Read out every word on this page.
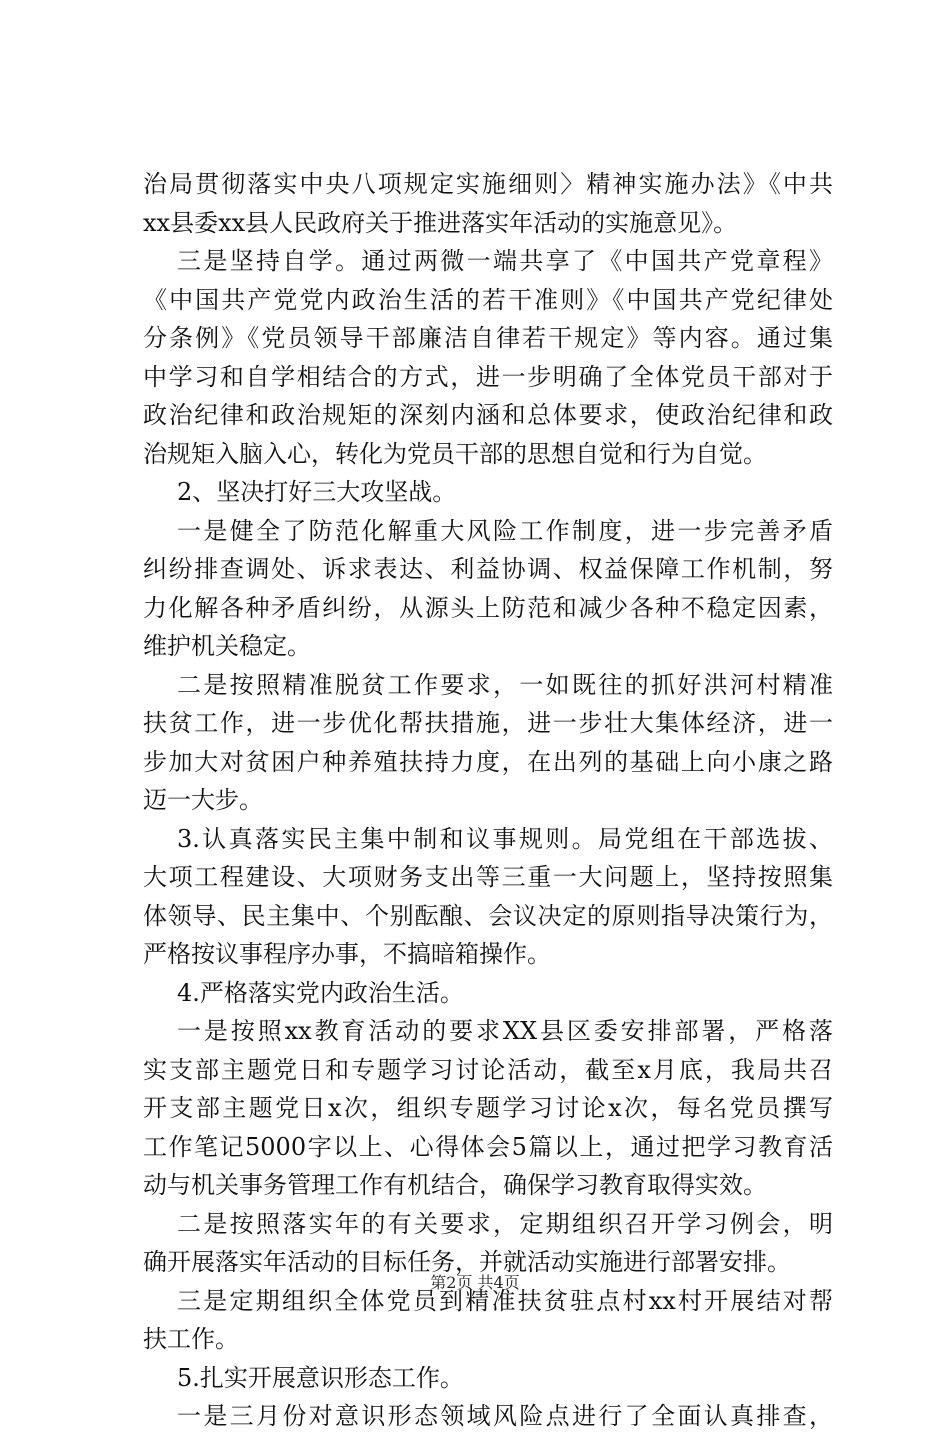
治局贯彻落实中央八项规定实施细则〉精神实施办法》《中共
xx县委xx县人民政府关于推进落实年活动的实施意见》。
三是坚持自学。通过两微一端共享了《中国共产党章程》
《中国共产党党内政治生活的若干准则》《中国共产党纪律处
分条例》《党员领导干部廉洁自律若干规定》等内容。通过集
中学习和自学相结合的方式，进一步明确了全体党员干部对于
政治纪律和政治规矩的深刻内涵和总体要求，使政治纪律和政
治规矩入脑入心，转化为党员干部的思想自觉和行为自觉。
2、坚决打好三大攻坚战。
一是健全了防范化解重大风险工作制度，进一步完善矛盾
纠纷排查调处、诉求表达、利益协调、权益保障工作机制，努
力化解各种矛盾纠纷，从源头上防范和减少各种不稳定因素，
维护机关稳定。
二是按照精准脱贫工作要求，一如既往的抓好洪河村精准
扶贫工作，进一步优化帮扶措施，进一步壮大集体经济，进一
步加大对贫困户种养殖扶持力度，在出列的基础上向小康之路
迈一大步。
3.认真落实民主集中制和议事规则。局党组在干部选拔、
大项工程建设、大项财务支出等三重一大问题上，坚持按照集
体领导、民主集中、个别酝酿、会议决定的原则指导决策行为，
严格按议事程序办事，不搞暗箱操作。
4.严格落实党内政治生活。
一是按照xx教育活动的要求XX县区委安排部署，严格落
实支部主题党日和专题学习讨论活动，截至x月底，我局共召
开支部主题党日x次，组织专题学习讨论x次，每名党员撰写
工作笔记5000字以上、心得体会5篇以上，通过把学习教育活
动与机关事务管理工作有机结合，确保学习教育取得实效。
二是按照落实年的有关要求，定期组织召开学习例会，明
确开展落实年活动的目标任务，并就活动实施进行部署安排。
三是定期组织全体党员到精准扶贫驻点村xx村开展结对帮
扶工作。
5.扎实开展意识形态工作。
一是三月份对意识形态领域风险点进行了全面认真排查，
第2页 共4页
